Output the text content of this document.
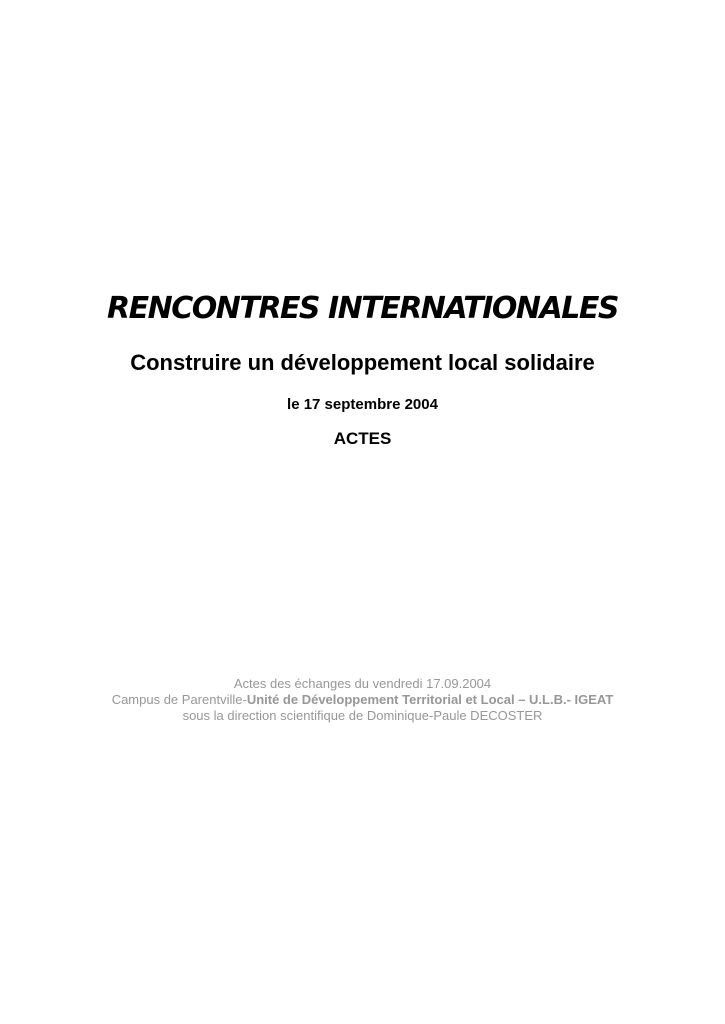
RENCONTRES INTERNATIONALES
Construire un développement local solidaire

le 17 septembre 2004

ACTES

Actes des échanges du vendredi 17.09.2004
Campus de Parentville-Unité de Développement Territorial et Local – U.L.B.- IGEAT
sous la direction scientifique de Dominique-Paule DECOSTER
